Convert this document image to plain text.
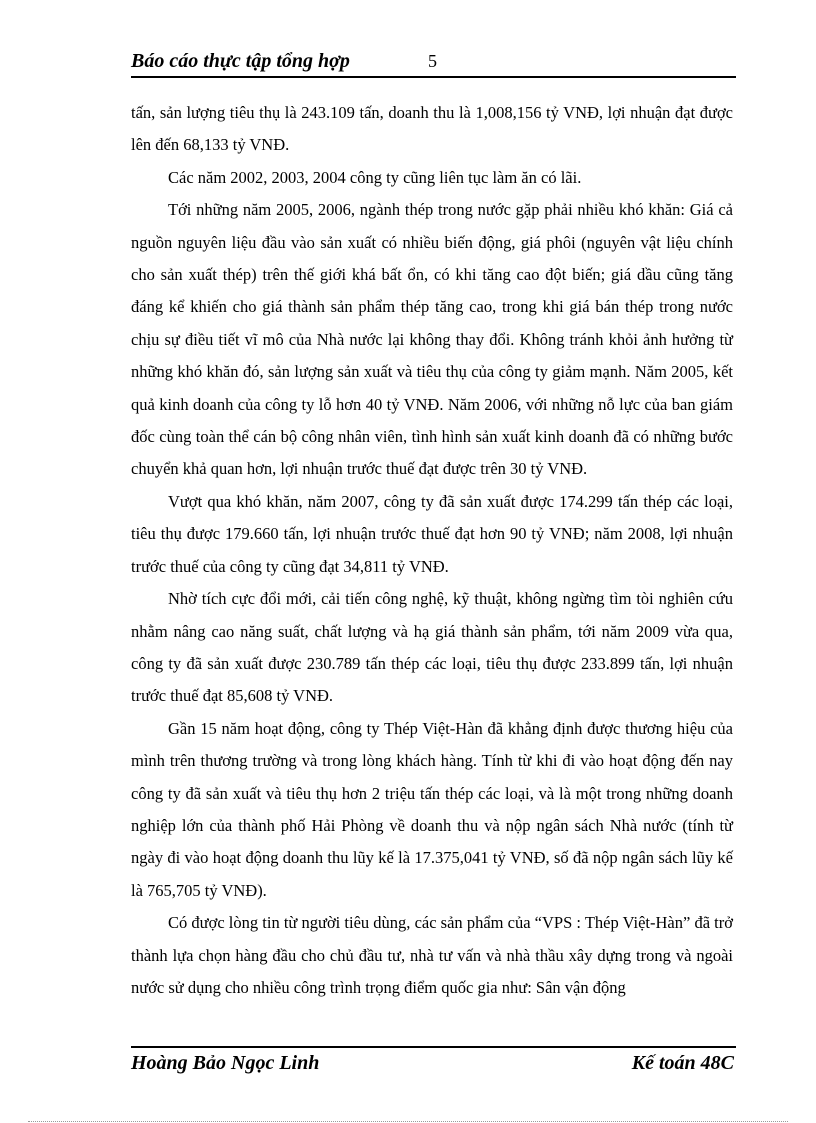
Báo cáo thực tập tổng hợp	5

tấn, sản lượng tiêu thụ là 243.109 tấn, doanh thu là 1,008,156 tỷ VNĐ, lợi nhuận đạt được lên đến 68,133 tỷ VNĐ.

Các năm 2002, 2003, 2004 công ty cũng liên tục làm ăn có lãi.

Tới những năm 2005, 2006, ngành thép trong nước gặp phải nhiều khó khăn: Giá cả nguồn nguyên liệu đầu vào sản xuất có nhiều biến động, giá phôi (nguyên vật liệu chính cho sản xuất thép) trên thế giới khá bất ổn, có khi tăng cao đột biến; giá dầu cũng tăng đáng kể khiến cho giá thành sản phẩm thép tăng cao, trong khi giá bán thép trong nước chịu sự điều tiết vĩ mô của Nhà nước lại không thay đổi. Không tránh khỏi ảnh hưởng từ những khó khăn đó, sản lượng sản xuất và tiêu thụ của công ty giảm mạnh. Năm 2005, kết quả kinh doanh của công ty lỗ hơn 40 tỷ VNĐ. Năm 2006, với những nỗ lực của ban giám đốc cùng toàn thể cán bộ công nhân viên, tình hình sản xuất kinh doanh đã có những bước chuyển khả quan hơn, lợi nhuận trước thuế đạt được trên 30 tỷ VNĐ.

Vượt qua khó khăn, năm 2007, công ty đã sản xuất được 174.299 tấn thép các loại, tiêu thụ được 179.660 tấn, lợi nhuận trước thuế đạt hơn 90 tỷ VNĐ; năm 2008, lợi nhuận trước thuế của công ty cũng đạt 34,811 tỷ VNĐ.

Nhờ tích cực đổi mới, cải tiến công nghệ, kỹ thuật, không ngừng tìm tòi nghiên cứu nhằm nâng cao năng suất, chất lượng và hạ giá thành sản phẩm, tới năm 2009 vừa qua, công ty đã sản xuất được 230.789 tấn thép các loại, tiêu thụ được 233.899 tấn, lợi nhuận trước thuế đạt 85,608 tỷ VNĐ.

Gần 15 năm hoạt động, công ty Thép Việt-Hàn đã khẳng định được thương hiệu của mình trên thương trường và trong lòng khách hàng. Tính từ khi đi vào hoạt động đến nay công ty đã sản xuất và tiêu thụ hơn 2 triệu tấn thép các loại, và là một trong những doanh nghiệp lớn của thành phố Hải Phòng về doanh thu và nộp ngân sách Nhà nước (tính từ ngày đi vào hoạt động doanh thu lũy kế là 17.375,041 tỷ VNĐ, số đã nộp ngân sách lũy kế là 765,705 tỷ VNĐ).

Có được lòng tin từ người tiêu dùng, các sản phẩm của “VPS : Thép Việt-Hàn” đã trở thành lựa chọn hàng đầu cho chủ đầu tư, nhà tư vấn và nhà thầu xây dựng trong và ngoài nước sử dụng cho nhiều công trình trọng điểm quốc gia như: Sân vận động

Hoàng Bảo Ngọc Linh	Kế toán 48C
